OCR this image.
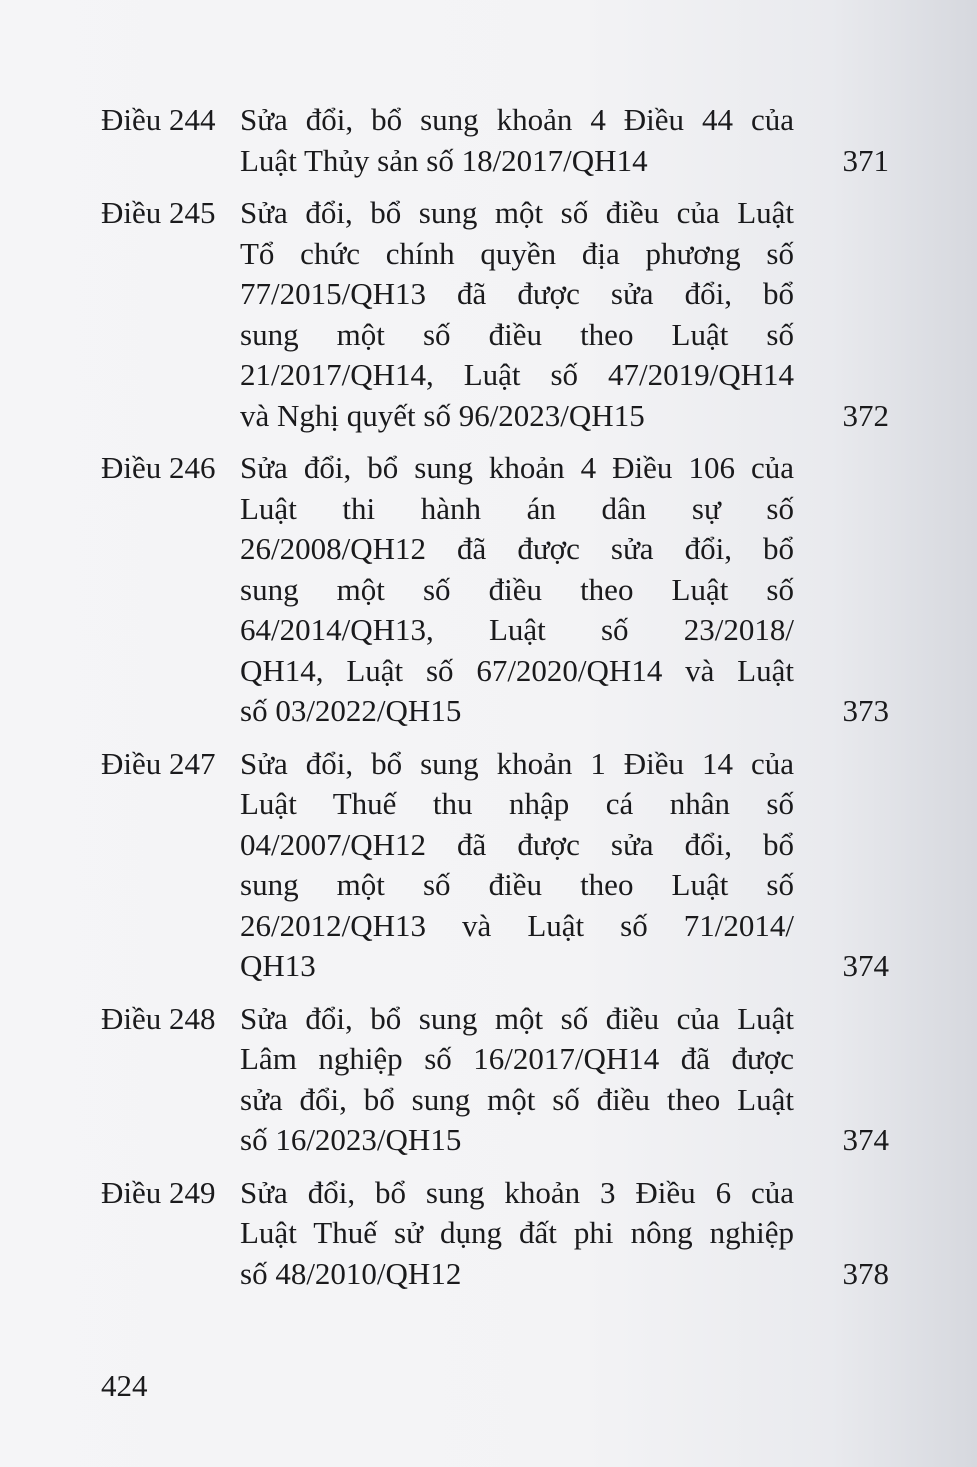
Điều 244 Sửa đổi, bổ sung khoản 4 Điều 44 của
Luật Thủy sản số 18/2017/QH14	371
Điều 245 Sửa đổi, bổ sung một số điều của Luật
Tổ chức chính quyền địa phương số
77/2015/QH13 đã được sửa đổi, bổ
sung một số điều theo Luật số
21/2017/QH14, Luật số 47/2019/QH14
và Nghị quyết số 96/2023/QH15	372
Điều 246 Sửa đổi, bổ sung khoản 4 Điều 106 của
Luật thi hành án dân sự số
26/2008/QH12 đã được sửa đổi, bổ
sung một số điều theo Luật số
64/2014/QH13, Luật số 23/2018/
QH14, Luật số 67/2020/QH14 và Luật
số 03/2022/QH15	373
Điều 247 Sửa đổi, bổ sung khoản 1 Điều 14 của
Luật Thuế thu nhập cá nhân số
04/2007/QH12 đã được sửa đổi, bổ
sung một số điều theo Luật số
26/2012/QH13 và Luật số 71/2014/
QH13	374
Điều 248 Sửa đổi, bổ sung một số điều của Luật
Lâm nghiệp số 16/2017/QH14 đã được
sửa đổi, bổ sung một số điều theo Luật
số 16/2023/QH15	374
Điều 249 Sửa đổi, bổ sung khoản 3 Điều 6 của
Luật Thuế sử dụng đất phi nông nghiệp
số 48/2010/QH12	378
424
